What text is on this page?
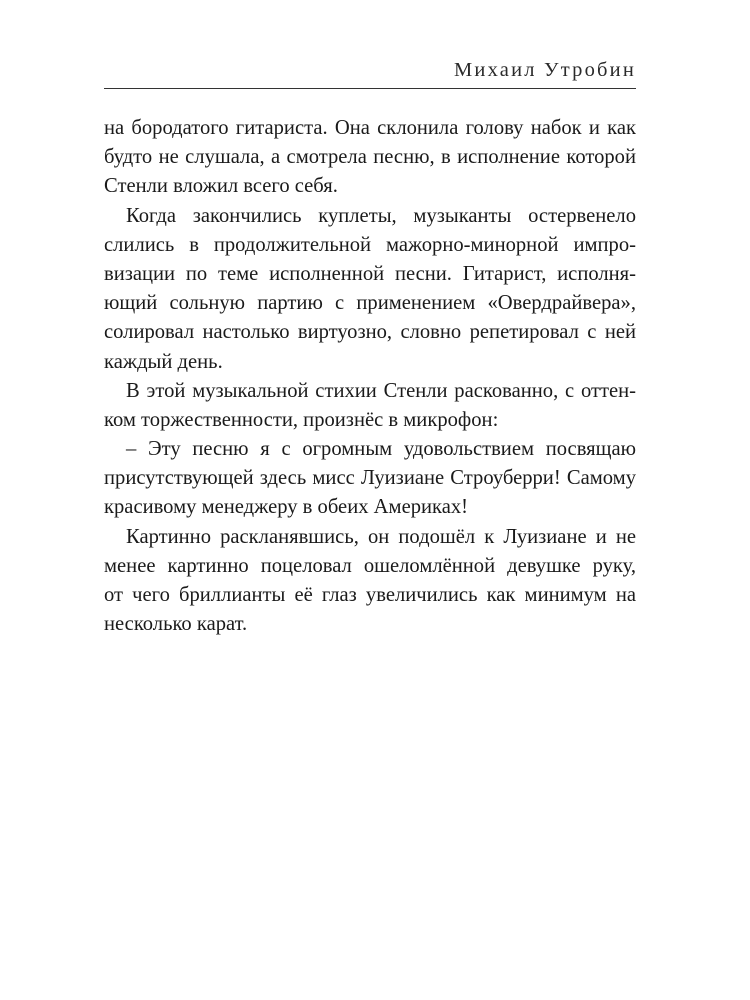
Михаил Утробин
на бородатого гитариста. Она склонила голову набок и как
будто не слушала, а смотрела песню, в исполнение которой
Стенли вложил всего себя.
Когда закончились куплеты, музыканты остервенело
слились в продолжительной мажорно-минорной импро-
визации по теме исполненной песни. Гитарист, исполня-
ющий сольную партию с применением «Овердрайвера»,
солировал настолько виртуозно, словно репетировал с ней
каждый день.
В этой музыкальной стихии Стенли раскованно, с оттен-
ком торжественности, произнёс в микрофон:
– Эту песню я с огромным удовольствием посвящаю
присутствующей здесь мисс Луизиане Строуберри! Самому
красивому менеджеру в обеих Америках!
Картинно раскланявшись, он подошёл к Луизиане и не
менее картинно поцеловал ошеломлённой девушке руку,
от чего бриллианты её глаз увеличились как минимум на
несколько карат.
